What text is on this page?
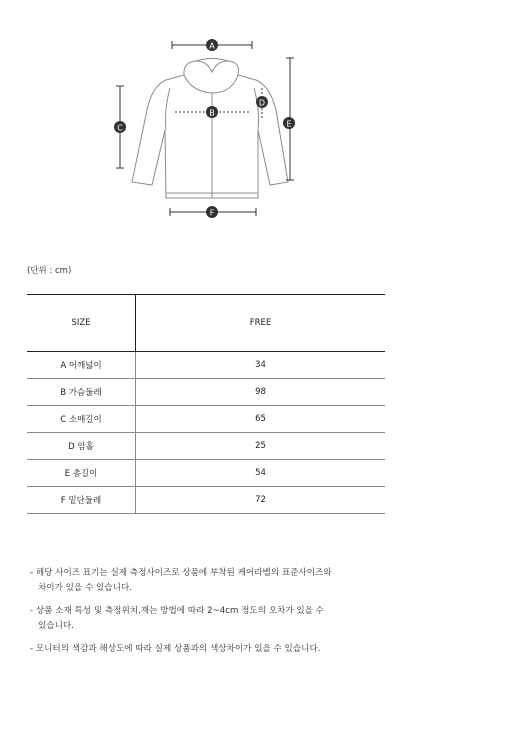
A
B
C
D
E
F
(단위 : cm)
SIZE	FREE
A 어깨넓이	34
B 가슴둘레	98
C 소매길이	65
D 암홀	25
E 총길이	54
F 밑단둘레	72

- 해당 사이즈 표기는 실제 측정사이즈로 상품에 부착된 케어라벨의 표준사이즈와
차이가 있을 수 있습니다.

- 상품 소재 특성 및 측정위치,재는 방법에 따라 2~4cm 정도의 오차가 있을 수
있습니다.

- 모니터의 색감과 해상도에 따라 실제 상품과의 색상차이가 있을 수 있습니다.
